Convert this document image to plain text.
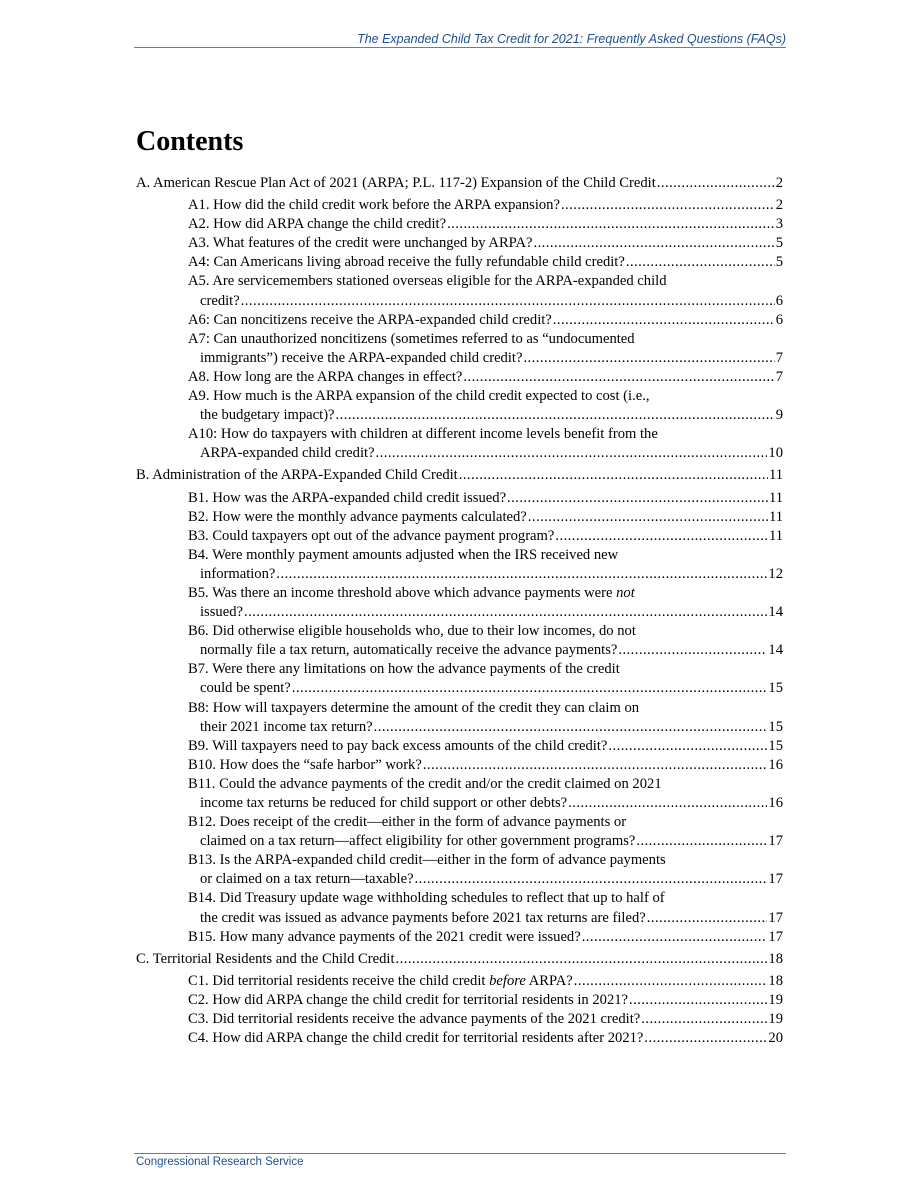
The Expanded Child Tax Credit for 2021: Frequently Asked Questions (FAQs)
Contents
A. American Rescue Plan Act of 2021 (ARPA; P.L. 117-2) Expansion of the Child Credit . . .	2
A1. How did the child credit work before the ARPA expansion? . . .	2
A2. How did ARPA change the child credit? . . .	3
A3. What features of the credit were unchanged by ARPA? . . .	5
A4: Can Americans living abroad receive the fully refundable child credit? . . .	5
A5. Are servicemembers stationed overseas eligible for the ARPA-expanded child
credit? . . .	6
A6: Can noncitizens receive the ARPA-expanded child credit? . . .	6
A7: Can unauthorized noncitizens (sometimes referred to as “undocumented
immigrants”) receive the ARPA-expanded child credit? . . .	7
A8. How long are the ARPA changes in effect? . . .	7
A9. How much is the ARPA expansion of the child credit expected to cost (i.e.,
the budgetary impact)? . . .	9
A10: How do taxpayers with children at different income levels benefit from the
ARPA-expanded child credit? . . .	10
B. Administration of the ARPA-Expanded Child Credit . . .	11
B1. How was the ARPA-expanded child credit issued? . . .	11
B2. How were the monthly advance payments calculated? . . .	11
B3. Could taxpayers opt out of the advance payment program? . . .	11
B4. Were monthly payment amounts adjusted when the IRS received new
information? . . .	12
B5. Was there an income threshold above which advance payments were not
issued? . . .	14
B6. Did otherwise eligible households who, due to their low incomes, do not
normally file a tax return, automatically receive the advance payments? . . .	14
B7. Were there any limitations on how the advance payments of the credit
could be spent? . . .	15
B8: How will taxpayers determine the amount of the credit they can claim on
their 2021 income tax return? . . .	15
B9. Will taxpayers need to pay back excess amounts of the child credit? . . .	15
B10. How does the “safe harbor” work? . . .	16
B11. Could the advance payments of the credit and/or the credit claimed on 2021
income tax returns be reduced for child support or other debts? . . .	16
B12. Does receipt of the credit—either in the form of advance payments or
claimed on a tax return—affect eligibility for other government programs? . . .	17
B13. Is the ARPA-expanded child credit—either in the form of advance payments
or claimed on a tax return—taxable? . . .	17
B14. Did Treasury update wage withholding schedules to reflect that up to half of
the credit was issued as advance payments before 2021 tax returns are filed? . . .	17
B15. How many advance payments of the 2021 credit were issued? . . .	17
C. Territorial Residents and the Child Credit . . .	18
C1. Did territorial residents receive the child credit before ARPA? . . .	18
C2. How did ARPA change the child credit for territorial residents in 2021? . . .	19
C3. Did territorial residents receive the advance payments of the 2021 credit? . . .	19
C4. How did ARPA change the child credit for territorial residents after 2021? . . .	20
Congressional Research Service
